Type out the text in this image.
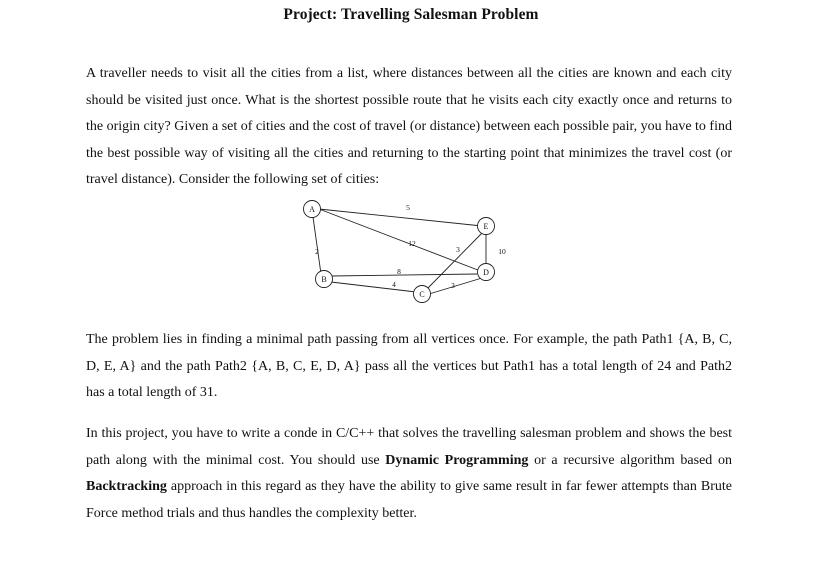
Project: Travelling Salesman Problem

A traveller needs to visit all the cities from a list, where distances between all the cities are known and each city should be visited just once. What is the shortest possible route that he visits each city exactly once and returns to the origin city? Given a set of cities and the cost of travel (or distance) between each possible pair, you have to find the best possible way of visiting all the cities and returning to the starting point that minimizes the travel cost (or travel distance). Consider the following set of cities:

A
B
C
D
E
5
12
2
8
4
3
3
10

The problem lies in finding a minimal path passing from all vertices once. For example, the path Path1 {A, B, C, D, E, A} and the path Path2 {A, B, C, E, D, A} pass all the vertices but Path1 has a total length of 24 and Path2 has a total length of 31.

In this project, you have to write a conde in C/C++ that solves the travelling salesman problem and shows the best path along with the minimal cost. You should use Dynamic Programming or a recursive algorithm based on Backtracking approach in this regard as they have the ability to give same result in far fewer attempts than Brute Force method trials and thus handles the complexity better.
